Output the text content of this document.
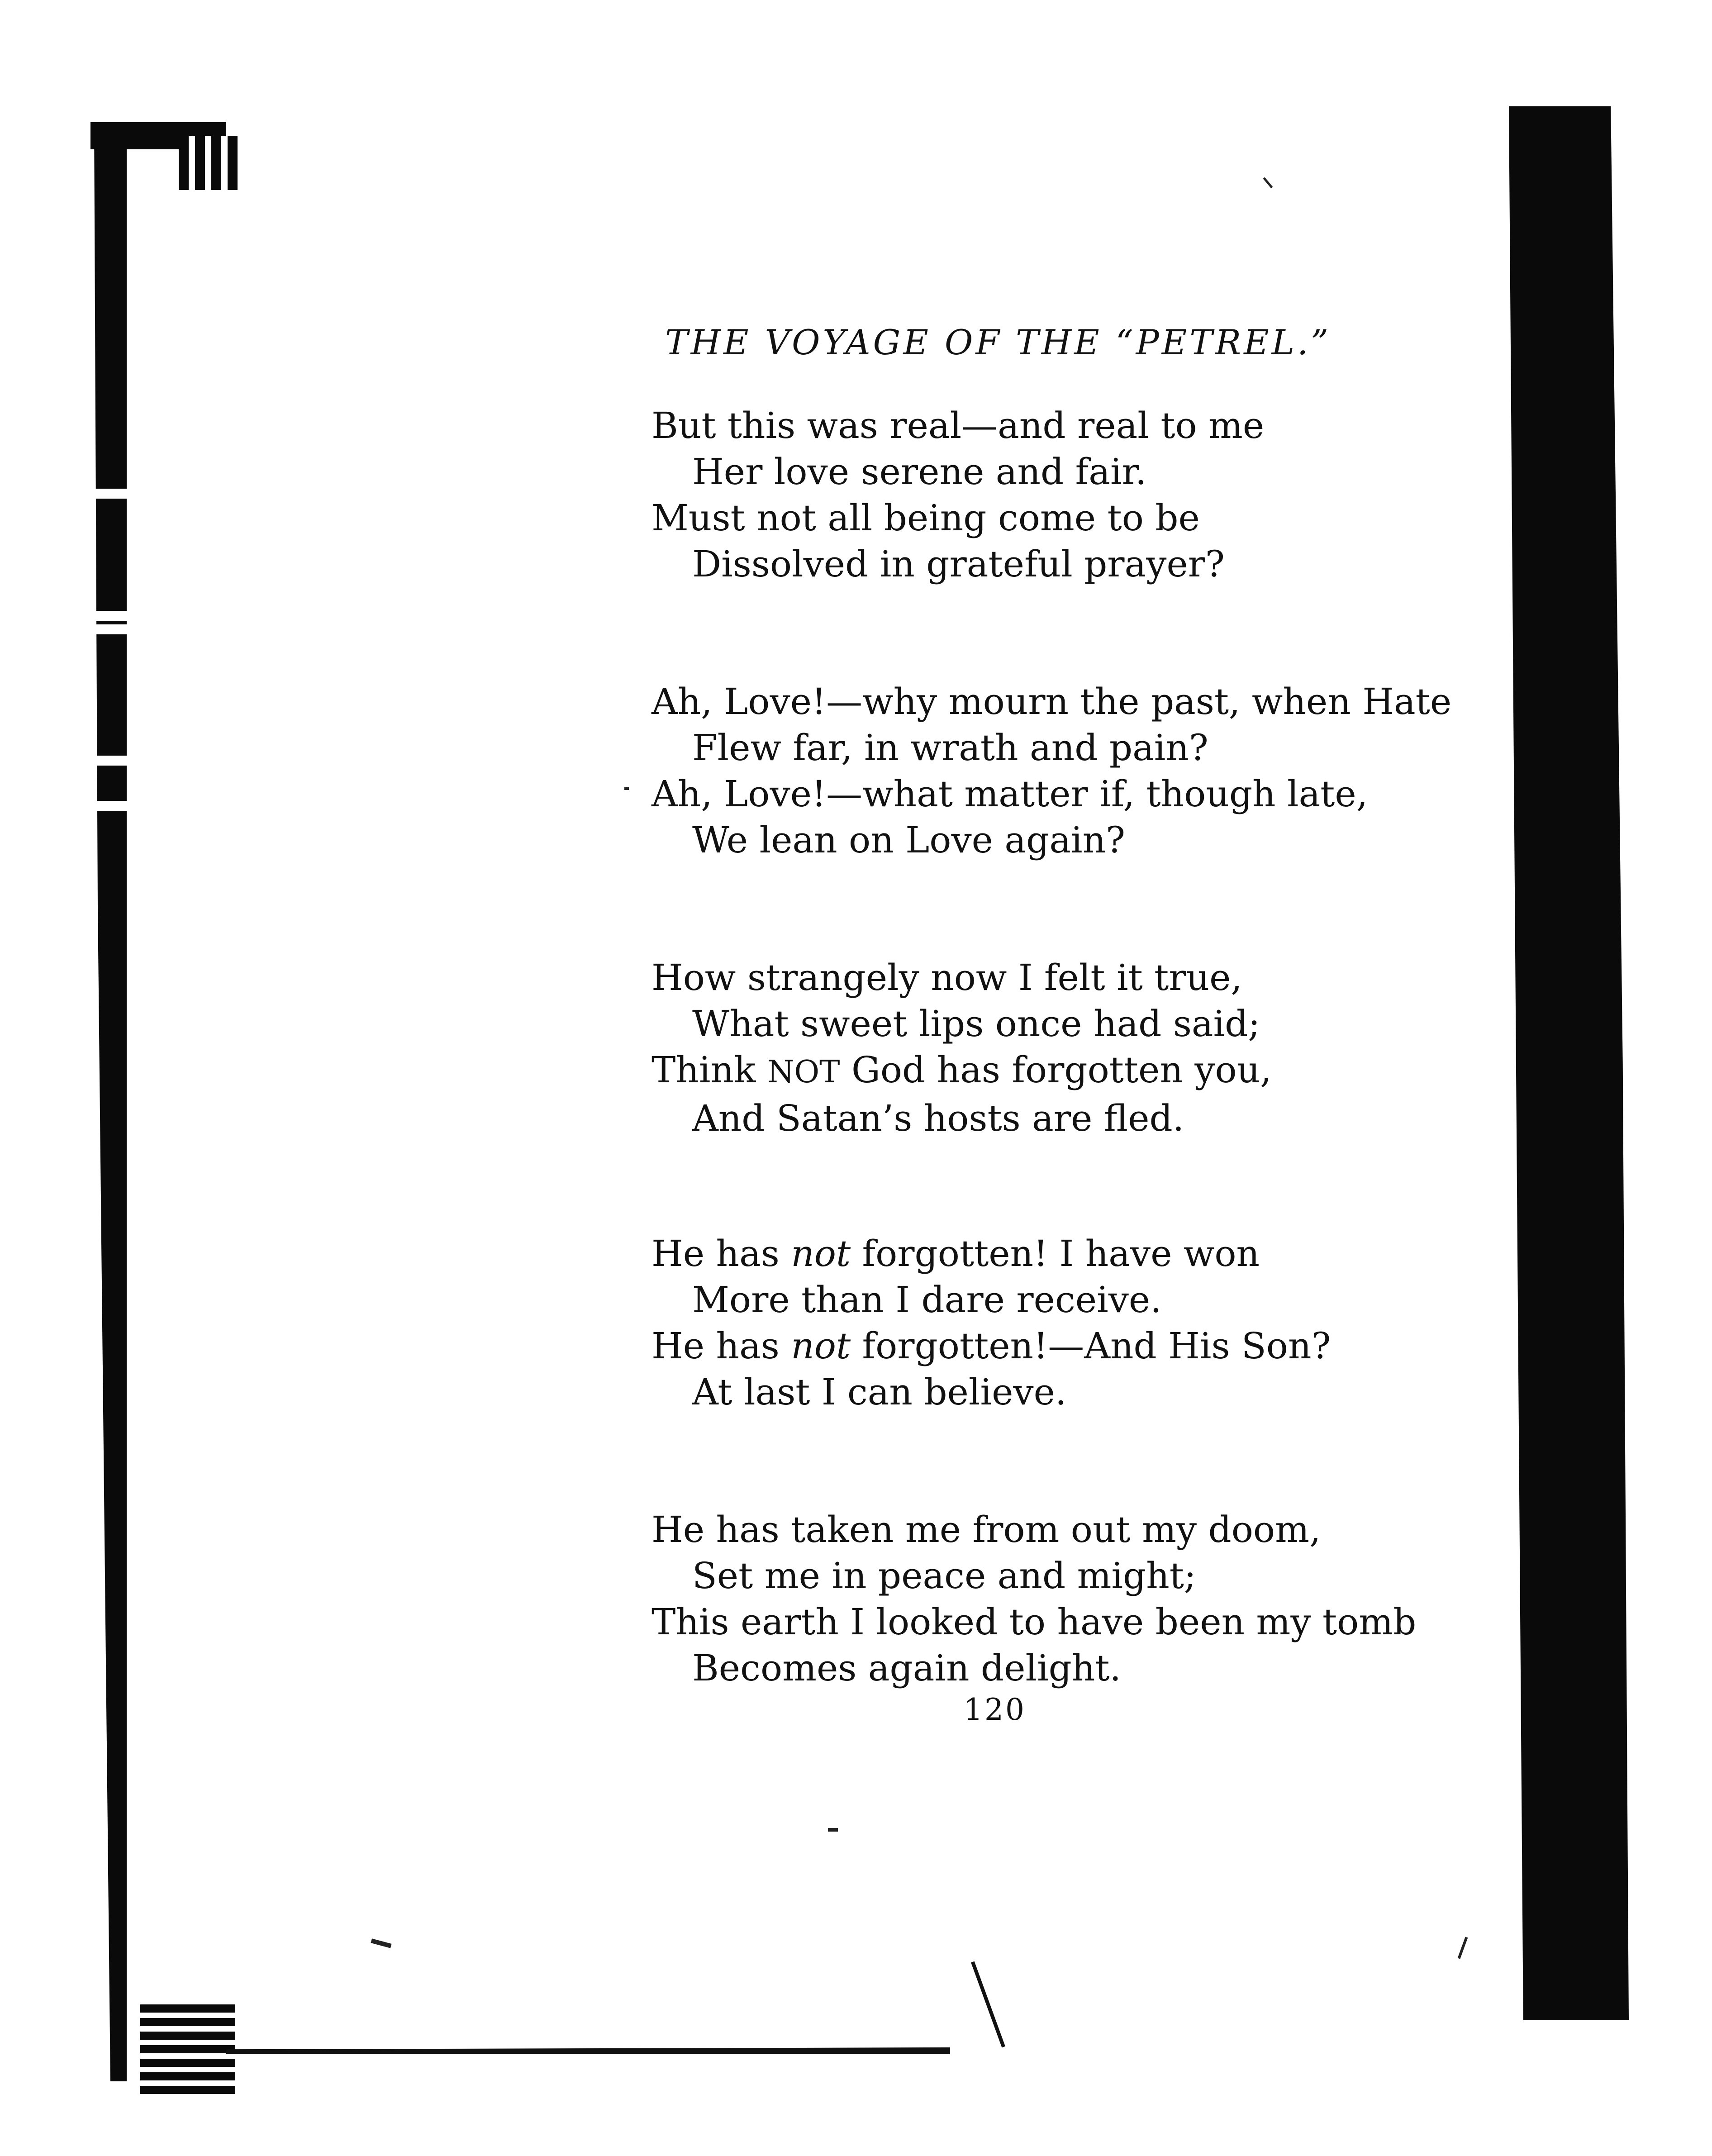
THE VOYAGE OF THE “PETREL.”
But this was real—and real to me
Her love serene and fair.
Must not all being come to be
Dissolved in grateful prayer?
Ah, Love!—why mourn the past, when Hate
Flew far, in wrath and pain?
Ah, Love!—what matter if, though late,
We lean on Love again?
How strangely now I felt it true,
What sweet lips once had said;
Think NOT God has forgotten you,
And Satan’s hosts are fled.
He has not forgotten! I have won
More than I dare receive.
He has not forgotten!—And His Son?
At last I can believe.
He has taken me from out my doom,
Set me in peace and might;
This earth I looked to have been my tomb
Becomes again delight.
120
